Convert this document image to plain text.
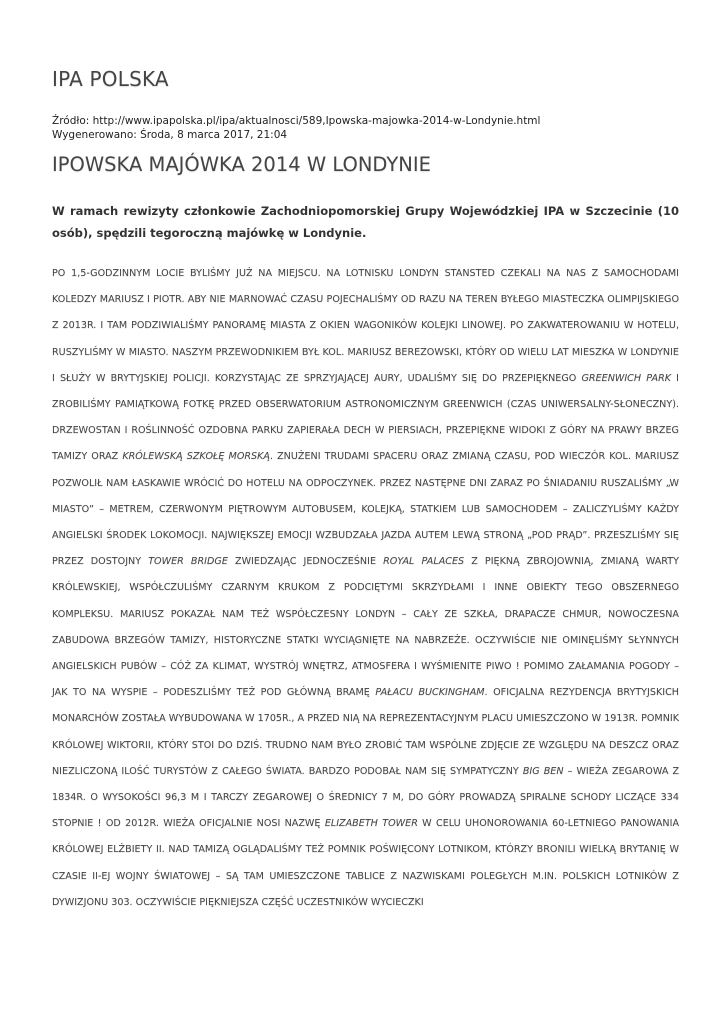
IPA POLSKA
Źródło: http://www.ipapolska.pl/ipa/aktualnosci/589,Ipowska-majowka-2014-w-Londynie.html
Wygenerowano: Środa, 8 marca 2017, 21:04
IPOWSKA MAJÓWKA 2014 W LONDYNIE
W ramach rewizyty członkowie Zachodniopomorskiej Grupy Wojewódzkiej IPA w Szczecinie (10 osób), spędzili tegoroczną majówkę w Londynie.
PO 1,5-GODZINNYM LOCIE BYLIŚMY JUŻ NA MIEJSCU. NA LOTNISKU LONDYN STANSTED CZEKALI NA NAS Z SAMOCHODAMI KOLEDZY MARIUSZ I PIOTR. ABY NIE MARNOWAĆ CZASU POJECHALIŚMY OD RAZU NA TEREN BYŁEGO MIASTECZKA OLIMPIJSKIEGO Z 2013R. I TAM PODZIWIALIŚMY PANORAMĘ MIASTA Z OKIEN WAGONIKÓW KOLEJKI LINOWEJ. PO ZAKWATEROWANIU W HOTELU, RUSZYLIŚMY W MIASTO. NASZYM PRZEWODNIKIEM BYŁ KOL. MARIUSZ BEREZOWSKI, KTÓRY OD WIELU LAT MIESZKA W LONDYNIE I SŁUŻY W BRYTYJSKIEJ POLICJI. KORZYSTAJĄC ZE SPRZYJAJĄCEJ AURY, UDALIŚMY SIĘ DO PRZEPIĘKNEGO GREENWICH PARK I ZROBILIŚMY PAMIĄTKOWĄ FOTKĘ PRZED OBSERWATORIUM ASTRONOMICZNYM GREENWICH (CZAS UNIWERSALNY-SŁONECZNY). DRZEWOSTAN I ROŚLINNOŚĆ OZDOBNA PARKU ZAPIERAŁA DECH W PIERSIACH, PRZEPIĘKNE WIDOKI Z GÓRY NA PRAWY BRZEG TAMIZY ORAZ KRÓLEWSKĄ SZKOŁĘ MORSKĄ. ZNUŻENI TRUDAMI SPACERU ORAZ ZMIANĄ CZASU, POD WIECZÓR KOL. MARIUSZ POZWOLIŁ NAM ŁASKAWIE WRÓCIĆ DO HOTELU NA ODPOCZYNEK. PRZEZ NASTĘPNE DNI ZARAZ PO ŚNIADANIU RUSZALIŚMY „W MIASTO” – METREM, CZERWONYM PIĘTROWYM AUTOBUSEM, KOLEJKĄ, STATKIEM LUB SAMOCHODEM – ZALICZYLIŚMY KAŻDY ANGIELSKI ŚRODEK LOKOMOCJI. NAJWIĘKSZEJ EMOCJI WZBUDZAŁA JAZDA AUTEM LEWĄ STRONĄ „POD PRĄD”. PRZESZLIŚMY SIĘ PRZEZ DOSTOJNY TOWER BRIDGE ZWIEDZAJĄC JEDNOCZEŚNIE ROYAL PALACES Z PIĘKNĄ ZBROJOWNIĄ, ZMIANĄ WARTY KRÓLEWSKIEJ, WSPÓŁCZULIŚMY CZARNYM KRUKOM Z PODCIĘTYMI SKRZYDŁAMI I INNE OBIEKTY TEGO OBSZERNEGO KOMPLEKSU. MARIUSZ POKAZAŁ NAM TEŻ WSPÓŁCZESNY LONDYN – CAŁY ZE SZKŁA, DRAPACZE CHMUR, NOWOCZESNA ZABUDOWA BRZEGÓW TAMIZY, HISTORYCZNE STATKI WYCIĄGNIĘTE NA NABRZEŻE. OCZYWIŚCIE NIE OMINĘLIŚMY SŁYNNYCH ANGIELSKICH PUBÓW – CÓŻ ZA KLIMAT, WYSTRÓJ WNĘTRZ, ATMOSFERA I WYŚMIENITE PIWO ! POMIMO ZAŁAMANIA POGODY – JAK TO NA WYSPIE – PODESZLIŚMY TEŻ POD GŁÓWNĄ BRAMĘ PAŁACU BUCKINGHAM. OFICJALNA REZYDENCJA BRYTYJSKICH MONARCHÓW ZOSTAŁA WYBUDOWANA W 1705R., A PRZED NIĄ NA REPREZENTACYJNYM PLACU UMIESZCZONO W 1913R. POMNIK KRÓLOWEJ WIKTORII, KTÓRY STOI DO DZIŚ. TRUDNO NAM BYŁO ZROBIĆ TAM WSPÓLNE ZDJĘCIE ZE WZGLĘDU NA DESZCZ ORAZ NIEZLICZONĄ ILOŚĆ TURYSTÓW Z CAŁEGO ŚWIATA. BARDZO PODOBAŁ NAM SIĘ SYMPATYCZNY BIG BEN – WIEŻA ZEGAROWA Z 1834R. O WYSOKOŚCI 96,3 M I TARCZY ZEGAROWEJ O ŚREDNICY 7 M, DO GÓRY PROWADZĄ SPIRALNE SCHODY LICZĄCE 334 STOPNIE ! OD 2012R. WIEŻA OFICJALNIE NOSI NAZWĘ ELIZABETH TOWER W CELU UHONOROWANIA 60-LETNIEGO PANOWANIA KRÓLOWEJ ELŻBIETY II. NAD TAMIZĄ OGLĄDALIŚMY TEŻ POMNIK POŚWIĘCONY LOTNIKOM, KTÓRZY BRONILI WIELKĄ BRYTANIĘ W CZASIE II-EJ WOJNY ŚWIATOWEJ – SĄ TAM UMIESZCZONE TABLICE Z NAZWISKAMI POLEGŁYCH M.IN. POLSKICH LOTNIKÓW Z DYWIZJONU 303. OCZYWIŚCIE PIĘKNIEJSZA CZĘŚĆ UCZESTNIKÓW WYCIECZKI
